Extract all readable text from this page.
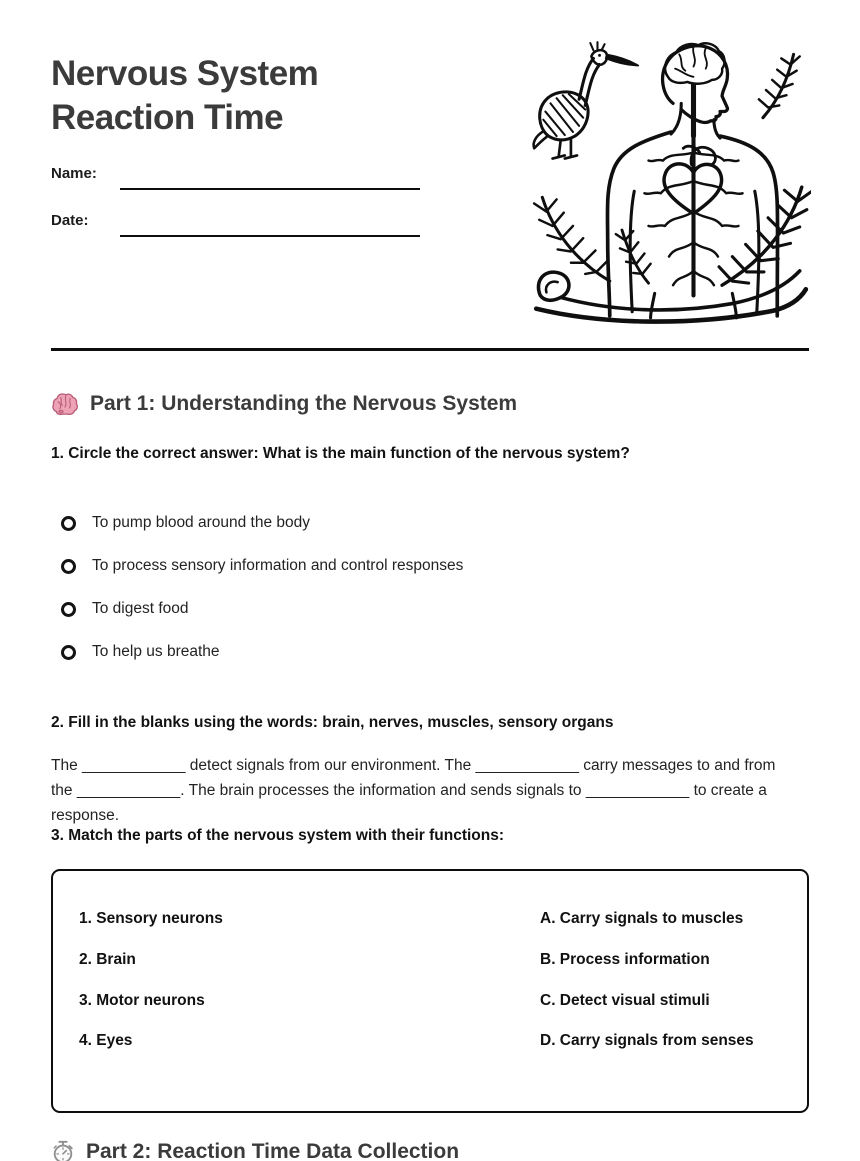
Nervous System
Reaction Time
Name:
Date:
Part 1: Understanding the Nervous System
1. Circle the correct answer: What is the main function of the nervous system?
To pump blood around the body
To process sensory information and control responses
To digest food
To help us breathe
2. Fill in the blanks using the words: brain, nerves, muscles, sensory organs
The ____________ detect signals from our environment. The ____________ carry messages to and from the ____________. The brain processes the information and sends signals to ____________ to create a response.
3. Match the parts of the nervous system with their functions:
1. Sensory neurons
2. Brain
3. Motor neurons
4. Eyes
A. Carry signals to muscles
B. Process information
C. Detect visual stimuli
D. Carry signals from senses
Part 2: Reaction Time Data Collection
